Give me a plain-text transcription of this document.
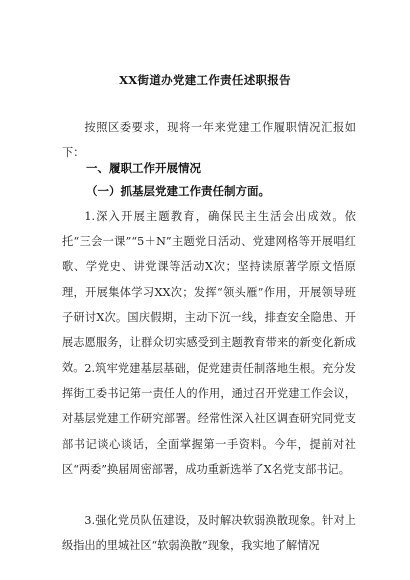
XX街道办党建工作责任述职报告
按照区委要求，现将一年来党建工作履职情况汇报如下：
一、履职工作开展情况
（一）抓基层党建工作责任制方面。
1.深入开展主题教育，确保民主生活会出成效。依托“三会一课”“5＋N”主题党日活动、党建网格等开展唱红歌、学党史、讲党课等活动X次；坚持读原著学原文悟原理，开展集体学习XX次；发挥“领头雁”作用，开展领导班子研讨X次。国庆假期，主动下沉一线，排查安全隐患、开展志愿服务，让群众切实感受到主题教育带来的新变化新成效。 2.筑牢党建基层基础，促党建责任制落地生根。充分发挥街工委书记第一责任人的作用，通过召开党建工作会议，对基层党建工作研究部署。经常性深入社区调查研究同党支部书记谈心谈话，全面掌握第一手资料。今年，提前对社区“两委”换届周密部署，成功重新选举了X名党支部书记。
3.强化党员队伍建设，及时解决软弱涣散现象。针对上级指出的里城社区“软弱涣散”现象，我实地了解情况
